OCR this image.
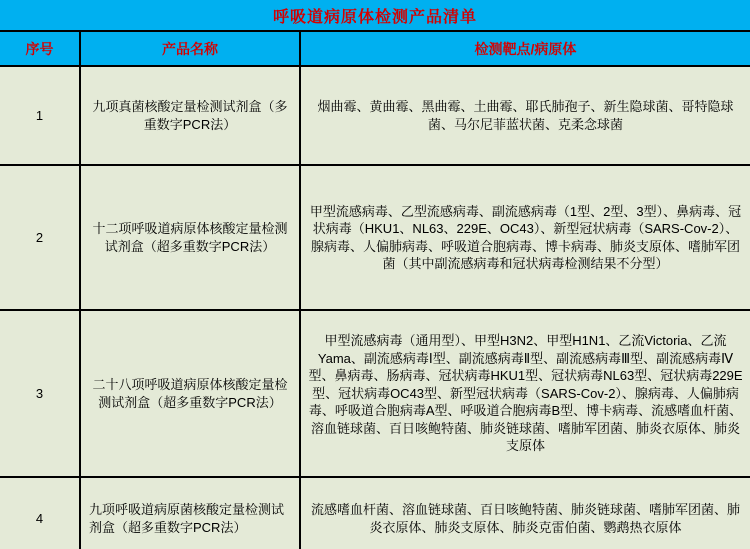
呼吸道病原体检测产品清单
序号	产品名称	检测靶点/病原体
1	九项真菌核酸定量检测试剂盒（多重数字PCR法）	烟曲霉、黄曲霉、黑曲霉、土曲霉、耶氏肺孢子、新生隐球菌、哥特隐球菌、马尔尼菲蓝状菌、克柔念球菌
2	十二项呼吸道病原体核酸定量检测试剂盒（超多重数字PCR法）	甲型流感病毒、乙型流感病毒、副流感病毒（1型、2型、3型）、鼻病毒、冠状病毒（HKU1、NL63、229E、OC43）、新型冠状病毒（SARS-Cov-2）、腺病毒、人偏肺病毒、呼吸道合胞病毒、博卡病毒、肺炎支原体、嗜肺军团菌（其中副流感病毒和冠状病毒检测结果不分型）
3	二十八项呼吸道病原体核酸定量检测试剂盒（超多重数字PCR法）	甲型流感病毒（通用型）、甲型H3N2、甲型H1N1、乙流Victoria、乙流Yama、副流感病毒Ⅰ型、副流感病毒Ⅱ型、副流感病毒Ⅲ型、副流感病毒Ⅳ型、鼻病毒、肠病毒、冠状病毒HKU1型、冠状病毒NL63型、冠状病毒229E型、冠状病毒OC43型、新型冠状病毒（SARS-Cov-2）、腺病毒、人偏肺病毒、呼吸道合胞病毒A型、呼吸道合胞病毒B型、博卡病毒、流感嗜血杆菌、溶血链球菌、百日咳鲍特菌、肺炎链球菌、嗜肺军团菌、肺炎衣原体、肺炎支原体
4	九项呼吸道病原菌核酸定量检测试剂盒（超多重数字PCR法）	流感嗜血杆菌、溶血链球菌、百日咳鲍特菌、肺炎链球菌、嗜肺军团菌、肺炎衣原体、肺炎支原体、肺炎克雷伯菌、鹦鹉热衣原体
